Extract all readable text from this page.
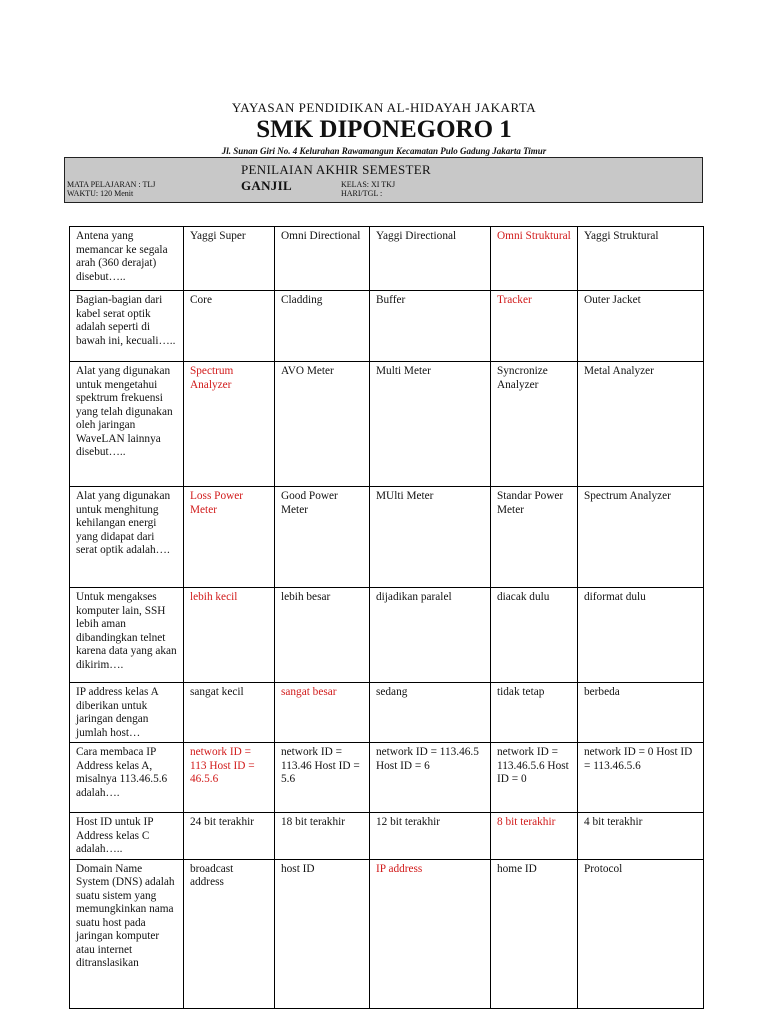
YAYASAN PENDIDIKAN AL-HIDAYAH JAKARTA
SMK DIPONEGORO 1
Jl. Sunan Giri No. 4 Kelurahan Rawamangun Kecamatan Pulo Gadung Jakarta Timur
PENILAIAN AKHIR SEMESTER
GANJIL
MATA PELAJARAN : TLJ
WAKTU: 120 Menit
KELAS: XI TKJ
HARI/TGL :
Antena yang memancar ke segala arah (360 derajat) disebut…..	Yaggi Super	Omni Directional	Yaggi Directional	Omni Struktural	Yaggi Struktural
Bagian-bagian dari kabel serat optik adalah seperti di bawah ini, kecuali…..	Core	Cladding	Buffer	Tracker	Outer Jacket
Alat yang digunakan untuk mengetahui spektrum frekuensi yang telah digunakan oleh jaringan WaveLAN lainnya disebut…..	Spectrum Analyzer	AVO Meter	Multi Meter	Syncronize Analyzer	Metal Analyzer
Alat yang digunakan untuk menghitung kehilangan energi yang didapat dari serat optik adalah….	Loss Power Meter	Good Power Meter	MUlti Meter	Standar Power Meter	Spectrum Analyzer
Untuk mengakses komputer lain, SSH lebih aman dibandingkan telnet karena data yang akan dikirim….	lebih kecil	lebih besar	dijadikan paralel	diacak dulu	diformat dulu
IP address kelas A diberikan untuk jaringan dengan jumlah host…	sangat kecil	sangat besar	sedang	tidak tetap	berbeda
Cara membaca IP Address kelas A, misalnya 113.46.5.6 adalah….	network ID = 113 Host ID = 46.5.6	network ID = 113.46 Host ID = 5.6	network ID = 113.46.5 Host ID = 6	network ID = 113.46.5.6 Host ID = 0	network ID = 0 Host ID = 113.46.5.6
Host ID untuk IP Address kelas C adalah…..	24 bit terakhir	18 bit terakhir	12 bit terakhir	8 bit terakhir	4 bit terakhir
Domain Name System (DNS) adalah suatu sistem yang memungkinkan nama suatu host pada jaringan komputer atau internet ditranslasikan	broadcast address	host ID	IP address	home ID	Protocol
